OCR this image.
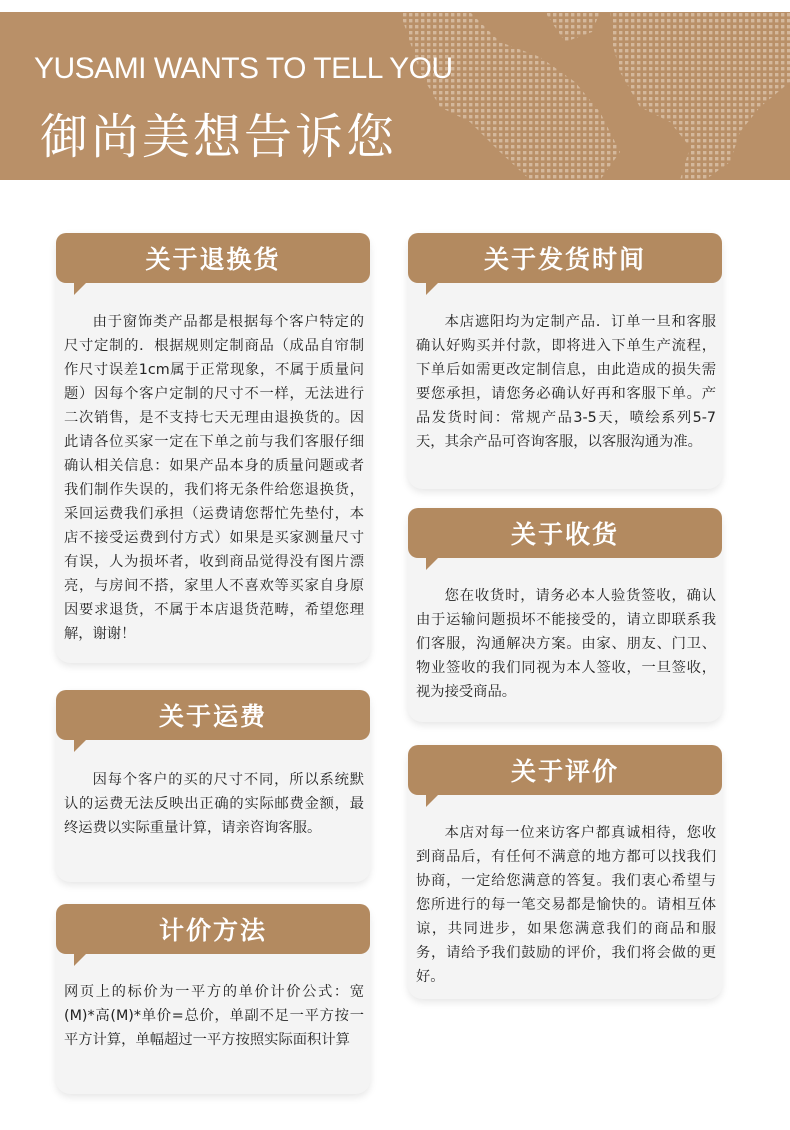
YUSAMI WANTS TO TELL YOU
御尚美想告诉您
关于退换货
由于窗饰类产品都是根据每个客户特定的尺寸定制的．根据规则定制商品（成品自帘制作尺寸误差1cm属于正常现象，不属于质量问题）因每个客户定制的尺寸不一样，无法进行二次销售，是不支持七天无理由退换货的。因此请各位买家一定在下单之前与我们客服仔细确认相关信息：如果产品本身的质量问题或者我们制作失误的，我们将无条件给您退换货，采回运费我们承担（运费请您帮忙先垫付，本店不接受运费到付方式）如果是买家测量尺寸有误，人为损坏者，收到商品觉得没有图片漂亮，与房间不搭，家里人不喜欢等买家自身原因要求退货，不属于本店退货范畴，希望您理解，谢谢！
关于运费
因每个客户的买的尺寸不同，所以系统默认的运费无法反映出正确的实际邮费金额，最终运费以实际重量计算，请亲咨询客服。
计价方法
网页上的标价为一平方的单价计价公式：宽(M)*高(M)*单价=总价，单副不足一平方按一平方计算，单幅超过一平方按照实际面积计算
关于发货时间
本店遮阳均为定制产品．订单一旦和客服确认好购买并付款，即将进入下单生产流程，下单后如需更改定制信息，由此造成的损失需要您承担，请您务必确认好再和客服下单。产品发货时间：常规产品3-5天，喷绘系列5-7天，其余产品可咨询客服，以客服沟通为准。
关于收货
您在收货时，请务必本人验货签收，确认由于运输问题损坏不能接受的，请立即联系我们客服，沟通解决方案。由家、朋友、门卫、物业签收的我们同视为本人签收，一旦签收，视为接受商品。
关于评价
本店对每一位来访客户都真诚相待，您收到商品后，有任何不满意的地方都可以找我们协商，一定给您满意的答复。我们衷心希望与您所进行的每一笔交易都是愉快的。请相互体谅，共同进步，如果您满意我们的商品和服务，请给予我们鼓励的评价，我们将会做的更好。
